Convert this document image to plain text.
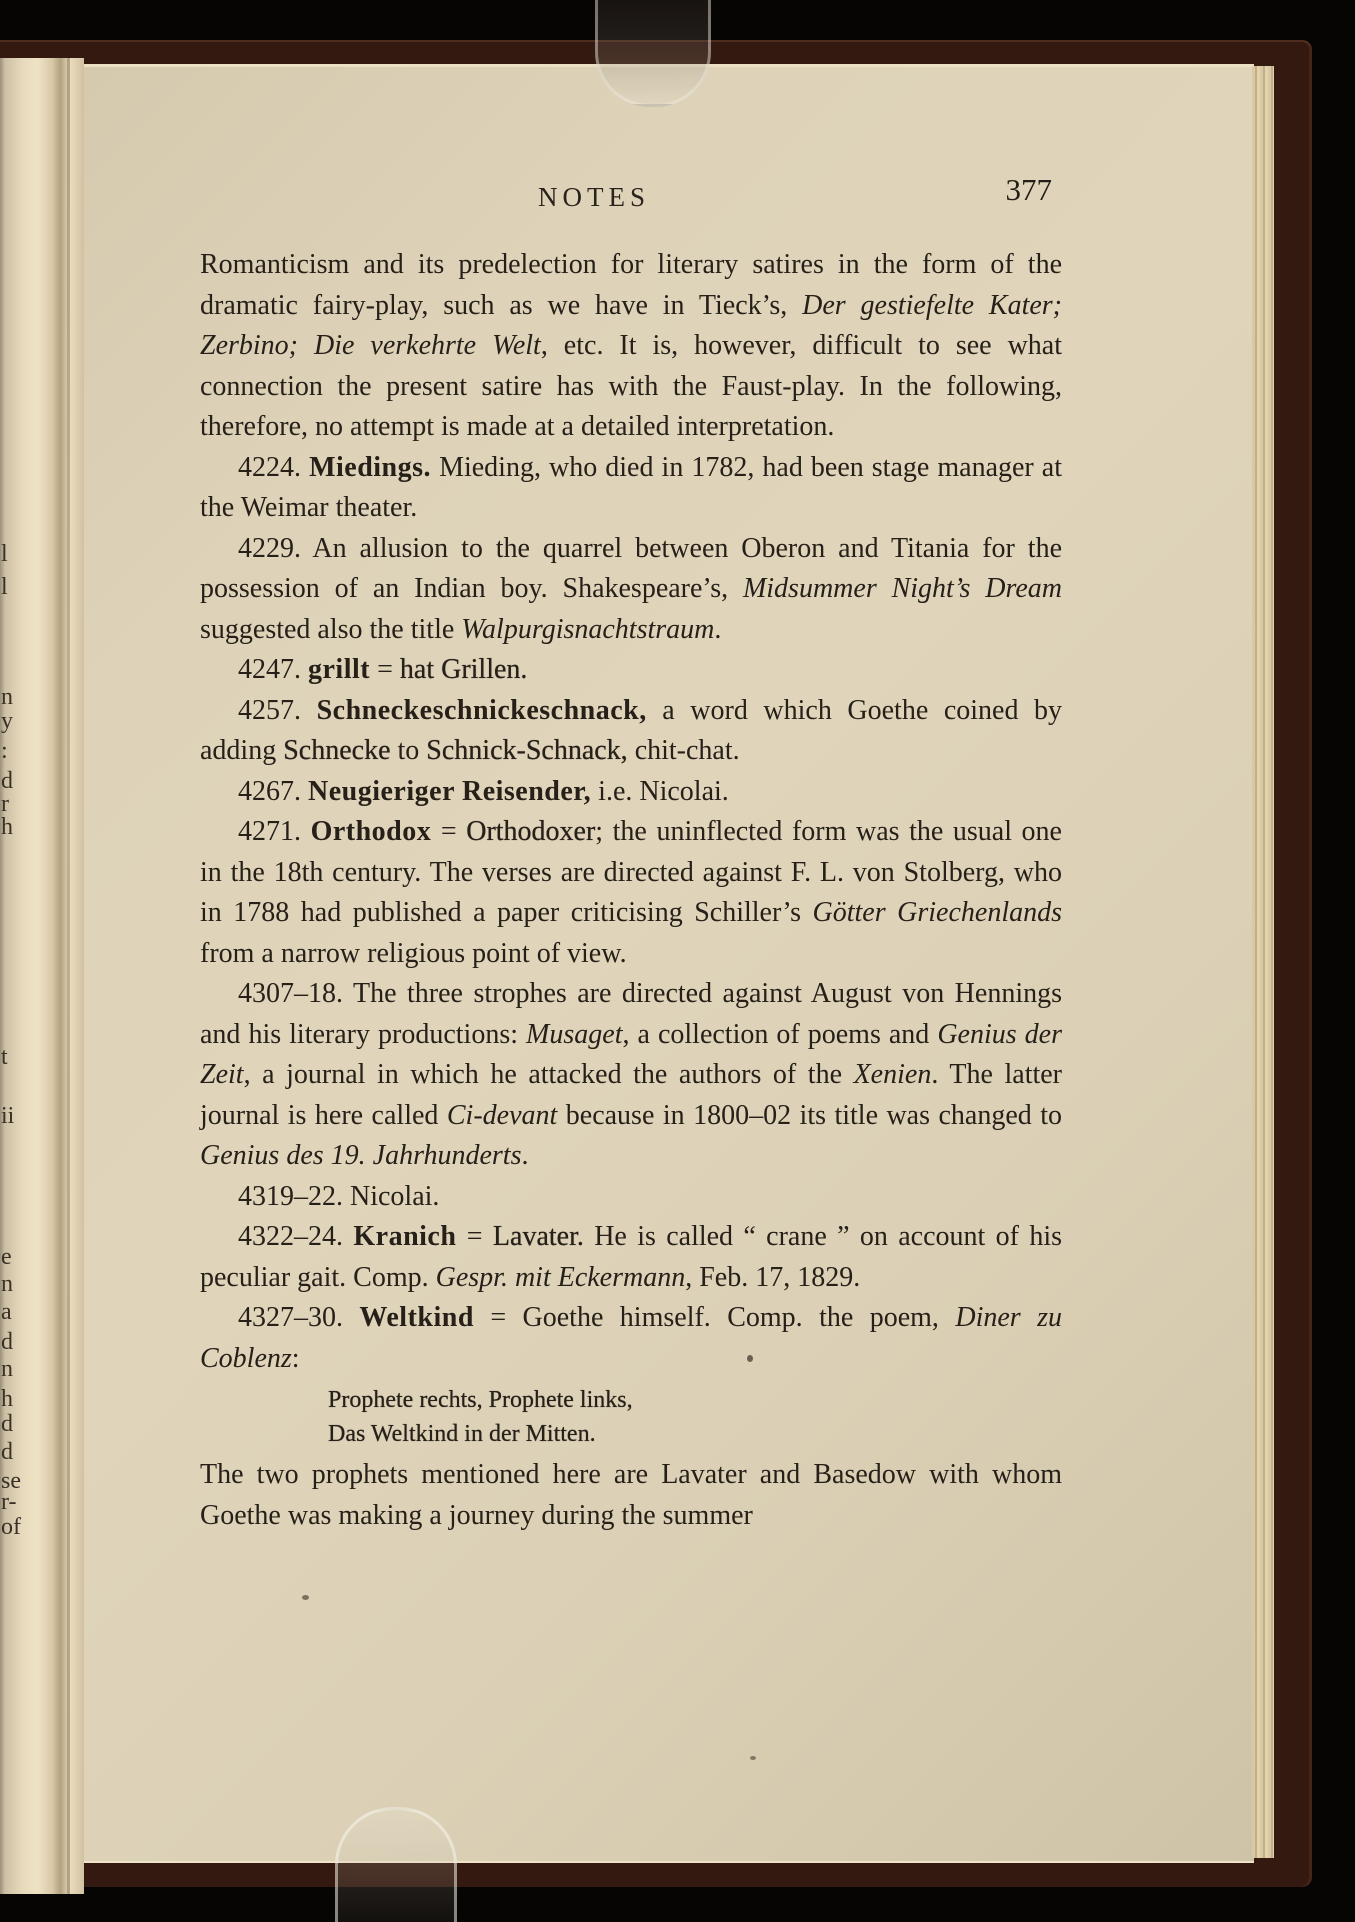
l
l
n
y
:
d
r
h
t
ii
e
n
a
d
n
h
d
d
se
r-
of
NOTES	377

Romanticism and its predelection for literary satires in the form of the dramatic fairy-play, such as we have in Tieck’s, Der gestiefelte Kater; Zerbino; Die verkehrte Welt, etc. It is, however, difficult to see what connection the present satire has with the Faust-play. In the following, therefore, no attempt is made at a detailed interpretation.

4224. Miedings. Mieding, who died in 1782, had been stage manager at the Weimar theater.

4229. An allusion to the quarrel between Oberon and Titania for the possession of an Indian boy. Shakespeare’s, Midsummer Night’s Dream suggested also the title Walpurgisnachtstraum.

4247. grillt = hat Grillen.

4257. Schneckeschnickeschnack, a word which Goethe coined by adding Schnecke to Schnick-Schnack, chit-chat.

4267. Neugieriger Reisender, i.e. Nicolai.

4271. Orthodox = Orthodoxer; the uninflected form was the usual one in the 18th century. The verses are directed against F. L. von Stolberg, who in 1788 had published a paper criticising Schiller’s Götter Griechenlands from a narrow religious point of view.

4307–18. The three strophes are directed against August von Hennings and his literary productions: Musaget, a collection of poems and Genius der Zeit, a journal in which he attacked the authors of the Xenien. The latter journal is here called Ci-devant because in 1800–02 its title was changed to Genius des 19. Jahrhunderts.

4319–22. Nicolai.

4322–24. Kranich = Lavater. He is called “ crane ” on account of his peculiar gait. Comp. Gespr. mit Eckermann, Feb. 17, 1829.

4327–30. Weltkind = Goethe himself. Comp. the poem, Diner zu Coblenz:

Prophete rechts, Prophete links,
Das Weltkind in der Mitten.

The two prophets mentioned here are Lavater and Basedow with whom Goethe was making a journey during the summer
